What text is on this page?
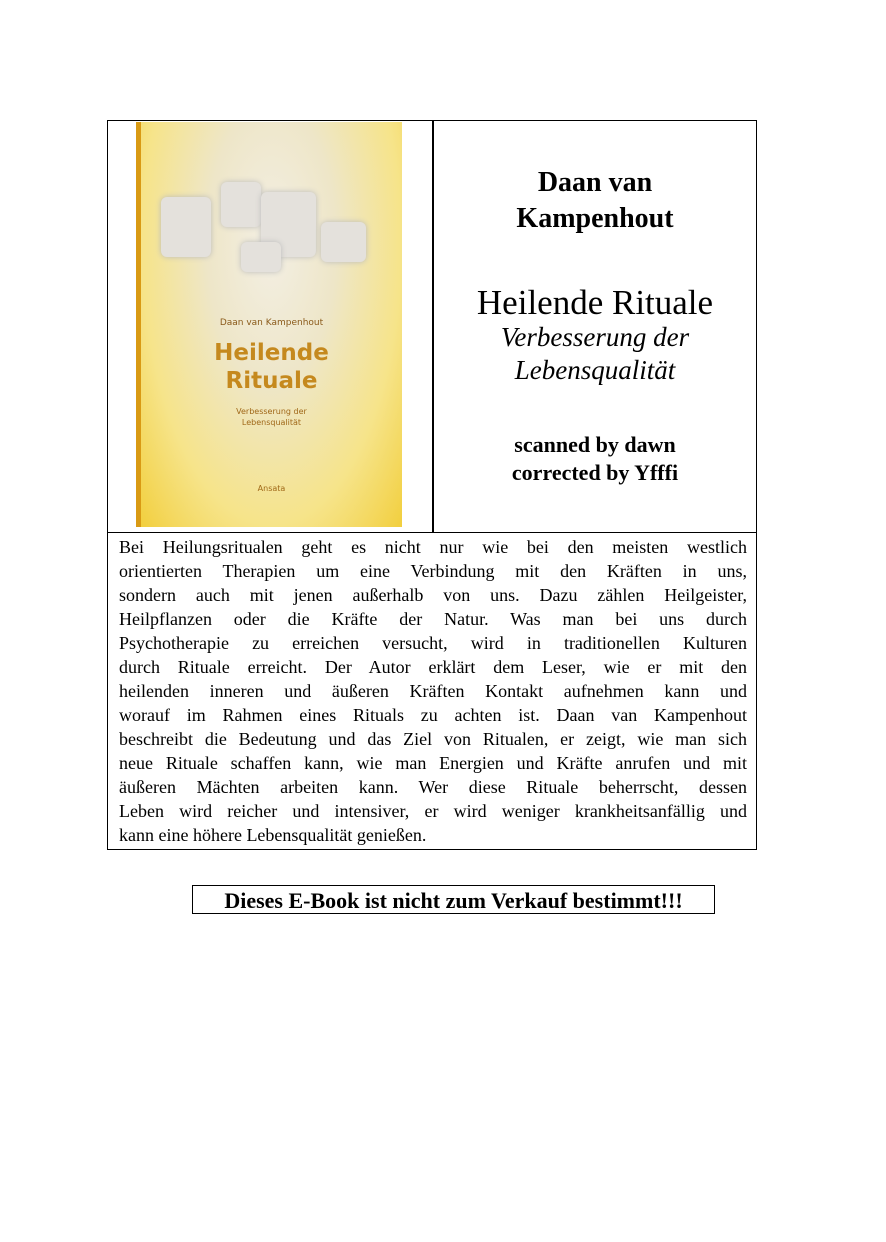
Daan van Kampenhout
Heilende
Rituale
Verbesserung der
Lebensqualität
Ansata
Daan van
Kampenhout
Heilende Rituale
Verbesserung der
Lebensqualität
scanned by dawn
corrected by Yfffi
Bei Heilungsritualen geht es nicht nur wie bei den meisten westlich
orientierten Therapien um eine Verbindung mit den Kräften in uns,
sondern auch mit jenen außerhalb von uns. Dazu zählen Heilgeister,
Heilpflanzen oder die Kräfte der Natur. Was man bei uns durch
Psychotherapie zu erreichen versucht, wird in traditionellen Kulturen
durch Rituale erreicht. Der Autor erklärt dem Leser, wie er mit den
heilenden inneren und äußeren Kräften Kontakt aufnehmen kann und
worauf im Rahmen eines Rituals zu achten ist. Daan van Kampenhout
beschreibt die Bedeutung und das Ziel von Ritualen, er zeigt, wie man sich
neue Rituale schaffen kann, wie man Energien und Kräfte anrufen und mit
äußeren Mächten arbeiten kann. Wer diese Rituale beherrscht, dessen
Leben wird reicher und intensiver, er wird weniger krankheitsanfällig und
kann eine höhere Lebensqualität genießen.
Dieses E-Book ist nicht zum Verkauf bestimmt!!!
